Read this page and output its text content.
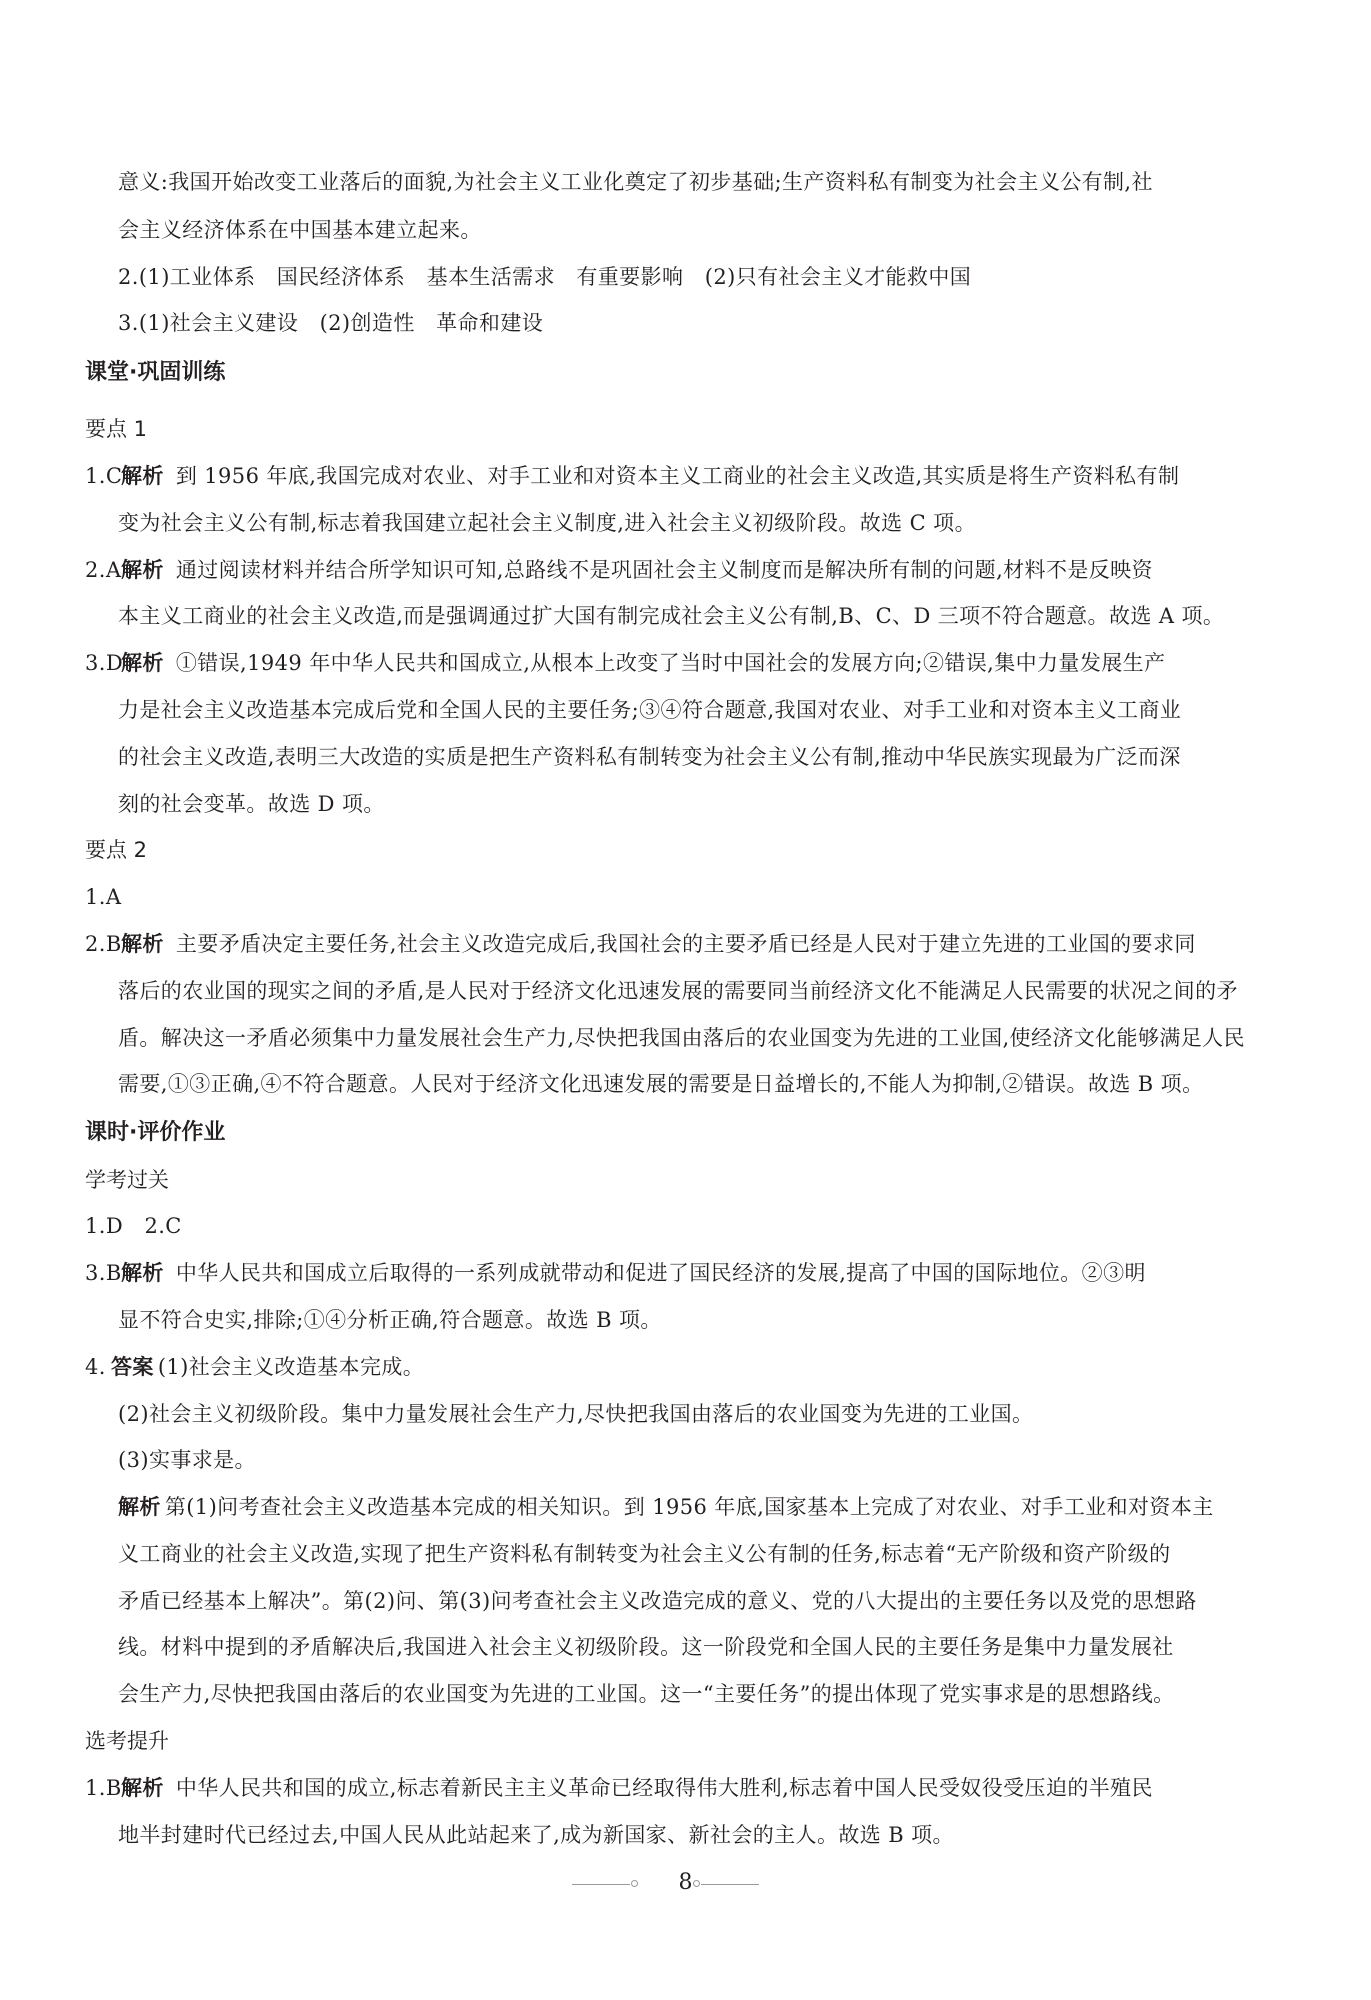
意义:我国开始改变工业落后的面貌,为社会主义工业化奠定了初步基础;生产资料私有制变为社会主义公有制,社
会主义经济体系在中国基本建立起来。
2.(1)工业体系　国民经济体系　基本生活需求　有重要影响　(2)只有社会主义才能救中国
3.(1)社会主义建设　(2)创造性　革命和建设
课堂·巩固训练
要点 1
1.C解析 到 1956 年底,我国完成对农业、对手工业和对资本主义工商业的社会主义改造,其实质是将生产资料私有制
变为社会主义公有制,标志着我国建立起社会主义制度,进入社会主义初级阶段。故选 C 项。
2.A解析 通过阅读材料并结合所学知识可知,总路线不是巩固社会主义制度而是解决所有制的问题,材料不是反映资
本主义工商业的社会主义改造,而是强调通过扩大国有制完成社会主义公有制,B、C、D 三项不符合题意。故选 A 项。
3.D解析 ①错误,1949 年中华人民共和国成立,从根本上改变了当时中国社会的发展方向;②错误,集中力量发展生产
力是社会主义改造基本完成后党和全国人民的主要任务;③④符合题意,我国对农业、对手工业和对资本主义工商业
的社会主义改造,表明三大改造的实质是把生产资料私有制转变为社会主义公有制,推动中华民族实现最为广泛而深
刻的社会变革。故选 D 项。
要点 2
1.A
2.B解析 主要矛盾决定主要任务,社会主义改造完成后,我国社会的主要矛盾已经是人民对于建立先进的工业国的要求同
落后的农业国的现实之间的矛盾,是人民对于经济文化迅速发展的需要同当前经济文化不能满足人民需要的状况之间的矛
盾。解决这一矛盾必须集中力量发展社会生产力,尽快把我国由落后的农业国变为先进的工业国,使经济文化能够满足人民
需要,①③正确,④不符合题意。人民对于经济文化迅速发展的需要是日益增长的,不能人为抑制,②错误。故选 B 项。
课时·评价作业
学考过关
1.D　2.C
3.B解析 中华人民共和国成立后取得的一系列成就带动和促进了国民经济的发展,提高了中国的国际地位。②③明
显不符合史实,排除;①④分析正确,符合题意。故选 B 项。
4. 答案 (1)社会主义改造基本完成。
(2)社会主义初级阶段。集中力量发展社会生产力,尽快把我国由落后的农业国变为先进的工业国。
(3)实事求是。
解析 第(1)问考查社会主义改造基本完成的相关知识。到 1956 年底,国家基本上完成了对农业、对手工业和对资本主
义工商业的社会主义改造,实现了把生产资料私有制转变为社会主义公有制的任务,标志着“无产阶级和资产阶级的
矛盾已经基本上解决”。第(2)问、第(3)问考查社会主义改造完成的意义、党的八大提出的主要任务以及党的思想路
线。材料中提到的矛盾解决后,我国进入社会主义初级阶段。这一阶段党和全国人民的主要任务是集中力量发展社
会生产力,尽快把我国由落后的农业国变为先进的工业国。这一“主要任务”的提出体现了党实事求是的思想路线。
选考提升
1.B解析 中华人民共和国的成立,标志着新民主主义革命已经取得伟大胜利,标志着中国人民受奴役受压迫的半殖民
地半封建时代已经过去,中国人民从此站起来了,成为新国家、新社会的主人。故选 B 项。
8
